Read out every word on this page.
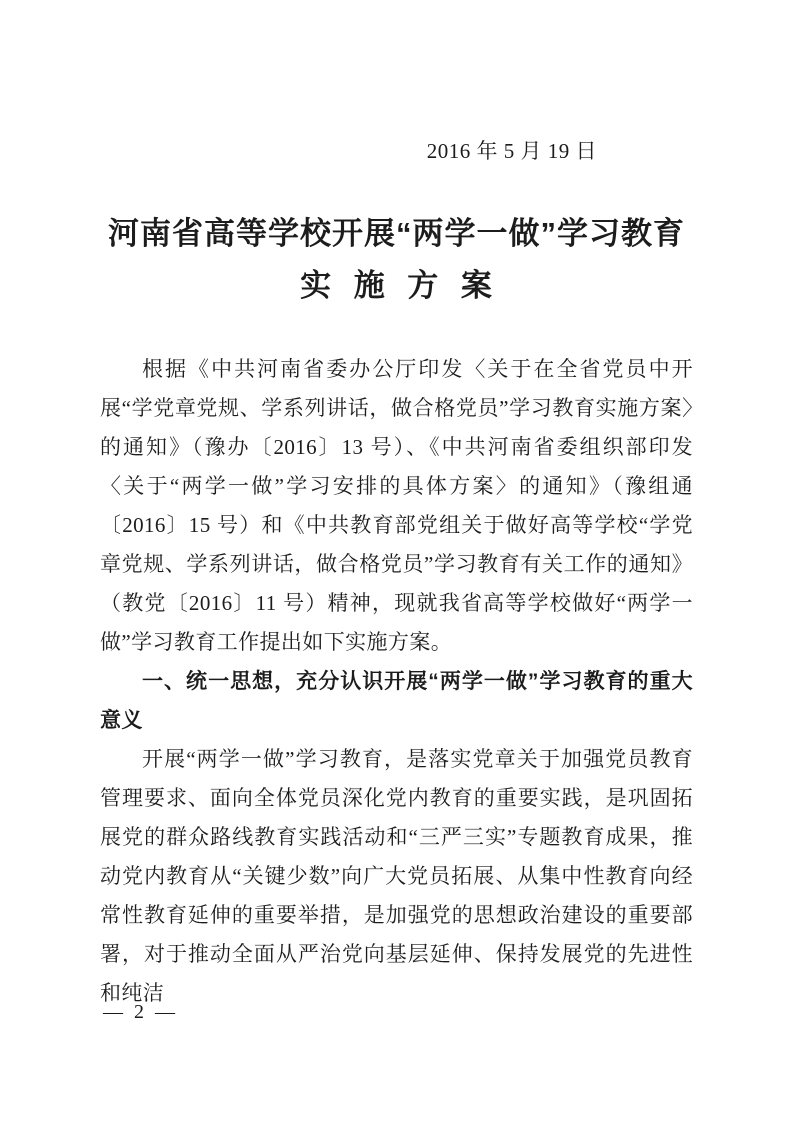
2016 年 5 月 19 日
河南省高等学校开展“两学一做”学习教育
实 施 方 案

根据《中共河南省委办公厅印发〈关于在全省党员中开展“学党章党规、学系列讲话，做合格党员”学习教育实施方案〉的通知》（豫办〔2016〕13 号）、《中共河南省委组织部印发〈关于“两学一做”学习安排的具体方案〉的通知》（豫组通〔2016〕15 号）和《中共教育部党组关于做好高等学校“学党章党规、学系列讲话，做合格党员”学习教育有关工作的通知》（教党〔2016〕11 号）精神，现就我省高等学校做好“两学一做”学习教育工作提出如下实施方案。

一、统一思想，充分认识开展“两学一做”学习教育的重大意义

开展“两学一做”学习教育，是落实党章关于加强党员教育管理要求、面向全体党员深化党内教育的重要实践，是巩固拓展党的群众路线教育实践活动和“三严三实”专题教育成果，推动党内教育从“关键少数”向广大党员拓展、从集中性教育向经常性教育延伸的重要举措，是加强党的思想政治建设的重要部署，对于推动全面从严治党向基层延伸、保持发展党的先进性和纯洁

— 2 —
